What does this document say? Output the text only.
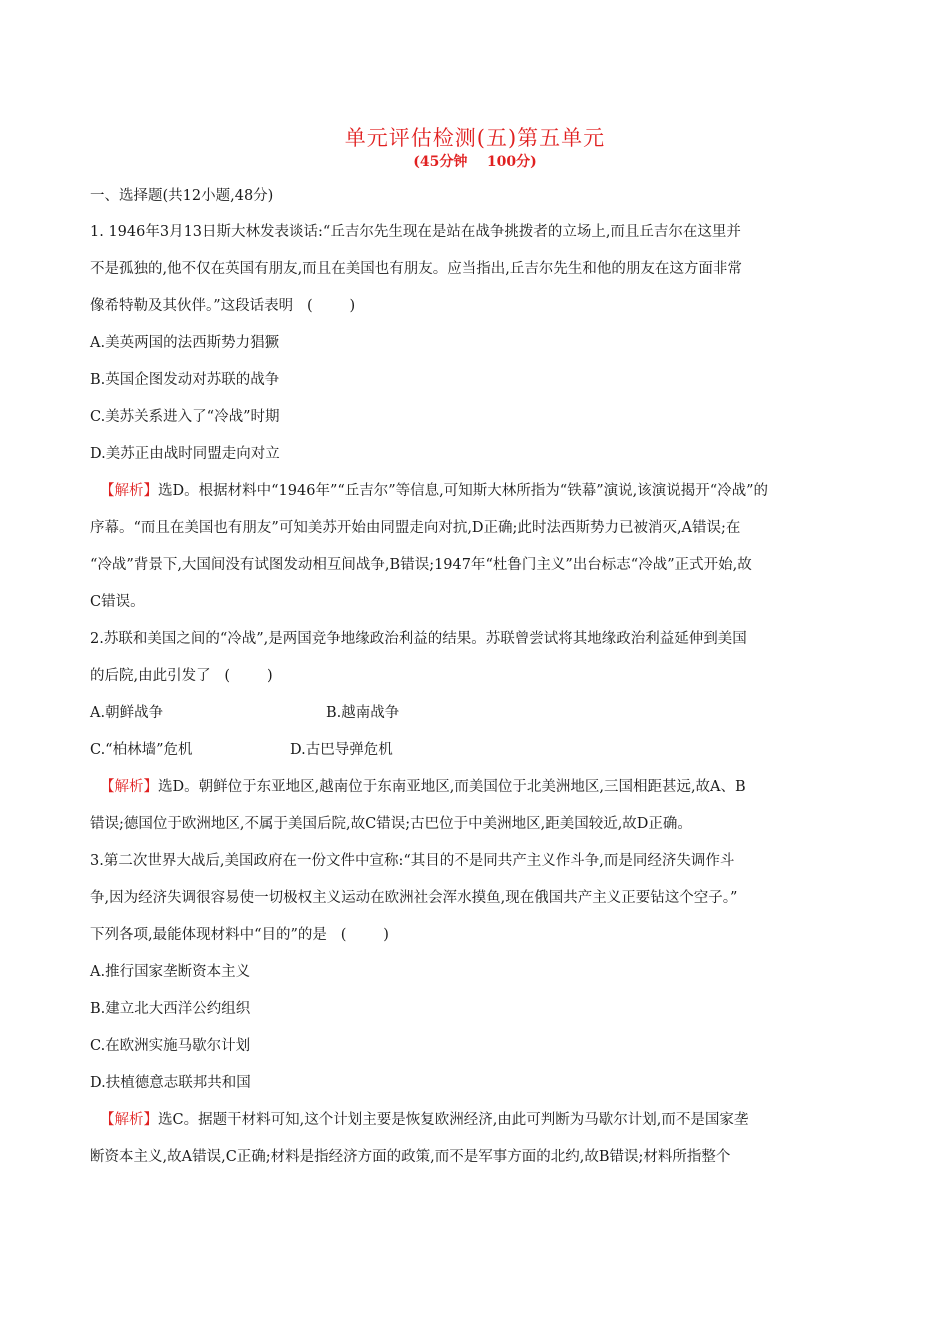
单元评估检测(五)第五单元
(45分钟    100分)
一、选择题(共12小题,48分)

1. 1946年3月13日斯大林发表谈话:“丘吉尔先生现在是站在战争挑拨者的立场上,而且丘吉尔在这里并

不是孤独的,他不仅在英国有朋友,而且在美国也有朋友。应当指出,丘吉尔先生和他的朋友在这方面非常

像希特勒及其伙伴。”这段话表明   (        )

A.美英两国的法西斯势力猖獗

B.英国企图发动对苏联的战争

C.美苏关系进入了“冷战”时期

D.美苏正由战时同盟走向对立

【解析】选D。根据材料中“1946年”“丘吉尔”等信息,可知斯大林所指为“铁幕”演说,该演说揭开“冷战”的

序幕。“而且在美国也有朋友”可知美苏开始由同盟走向对抗,D正确;此时法西斯势力已被消灭,A错误;在

“冷战”背景下,大国间没有试图发动相互间战争,B错误;1947年“杜鲁门主义”出台标志“冷战”正式开始,故

C错误。

2.苏联和美国之间的“冷战”,是两国竞争地缘政治利益的结果。苏联曾尝试将其地缘政治利益延伸到美国

的后院,由此引发了   (        )

A.朝鲜战争	B.越南战争
C.“柏林墙”危机	D.古巴导弹危机

【解析】选D。朝鲜位于东亚地区,越南位于东南亚地区,而美国位于北美洲地区,三国相距甚远,故A、B

错误;德国位于欧洲地区,不属于美国后院,故C错误;古巴位于中美洲地区,距美国较近,故D正确。

3.第二次世界大战后,美国政府在一份文件中宣称:“其目的不是同共产主义作斗争,而是同经济失调作斗

争,因为经济失调很容易使一切极权主义运动在欧洲社会浑水摸鱼,现在俄国共产主义正要钻这个空子。”

下列各项,最能体现材料中“目的”的是   (        )

A.推行国家垄断资本主义

B.建立北大西洋公约组织

C.在欧洲实施马歇尔计划

D.扶植德意志联邦共和国

【解析】选C。据题干材料可知,这个计划主要是恢复欧洲经济,由此可判断为马歇尔计划,而不是国家垄

断资本主义,故A错误,C正确;材料是指经济方面的政策,而不是军事方面的北约,故B错误;材料所指整个
